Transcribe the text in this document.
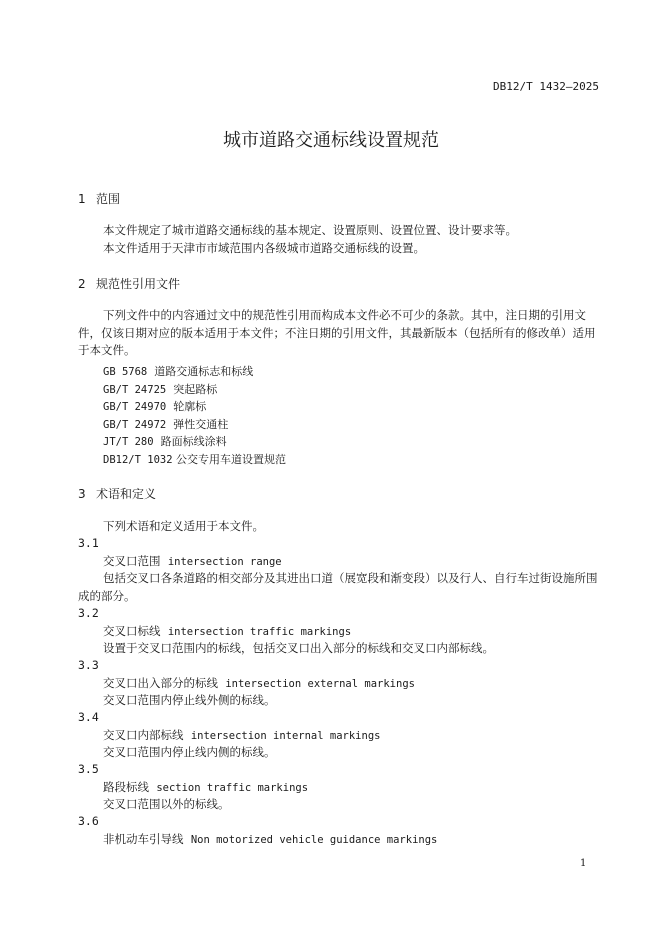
DB12/T 1432—2025
城市道路交通标线设置规范
1 范围
本文件规定了城市道路交通标线的基本规定、设置原则、设置位置、设计要求等。
本文件适用于天津市市域范围内各级城市道路交通标线的设置。
2 规范性引用文件
下列文件中的内容通过文中的规范性引用而构成本文件必不可少的条款。其中，注日期的引用文件，仅该日期对应的版本适用于本文件；不注日期的引用文件，其最新版本（包括所有的修改单）适用于本文件。
GB 5768 道路交通标志和标线
GB/T 24725 突起路标
GB/T 24970 轮廓标
GB/T 24972 弹性交通柱
JT/T 280 路面标线涂料
DB12/T 1032 公交专用车道设置规范
3 术语和定义
下列术语和定义适用于本文件。
3.1
交叉口范围 intersection range
包括交叉口各条道路的相交部分及其进出口道（展宽段和渐变段）以及行人、自行车过街设施所围成的部分。
3.2
交叉口标线 intersection traffic markings
设置于交叉口范围内的标线，包括交叉口出入部分的标线和交叉口内部标线。
3.3
交叉口出入部分的标线 intersection external markings
交叉口范围内停止线外侧的标线。
3.4
交叉口内部标线 intersection internal markings
交叉口范围内停止线内侧的标线。
3.5
路段标线 section traffic markings
交叉口范围以外的标线。
3.6
非机动车引导线 Non motorized vehicle guidance markings
1
